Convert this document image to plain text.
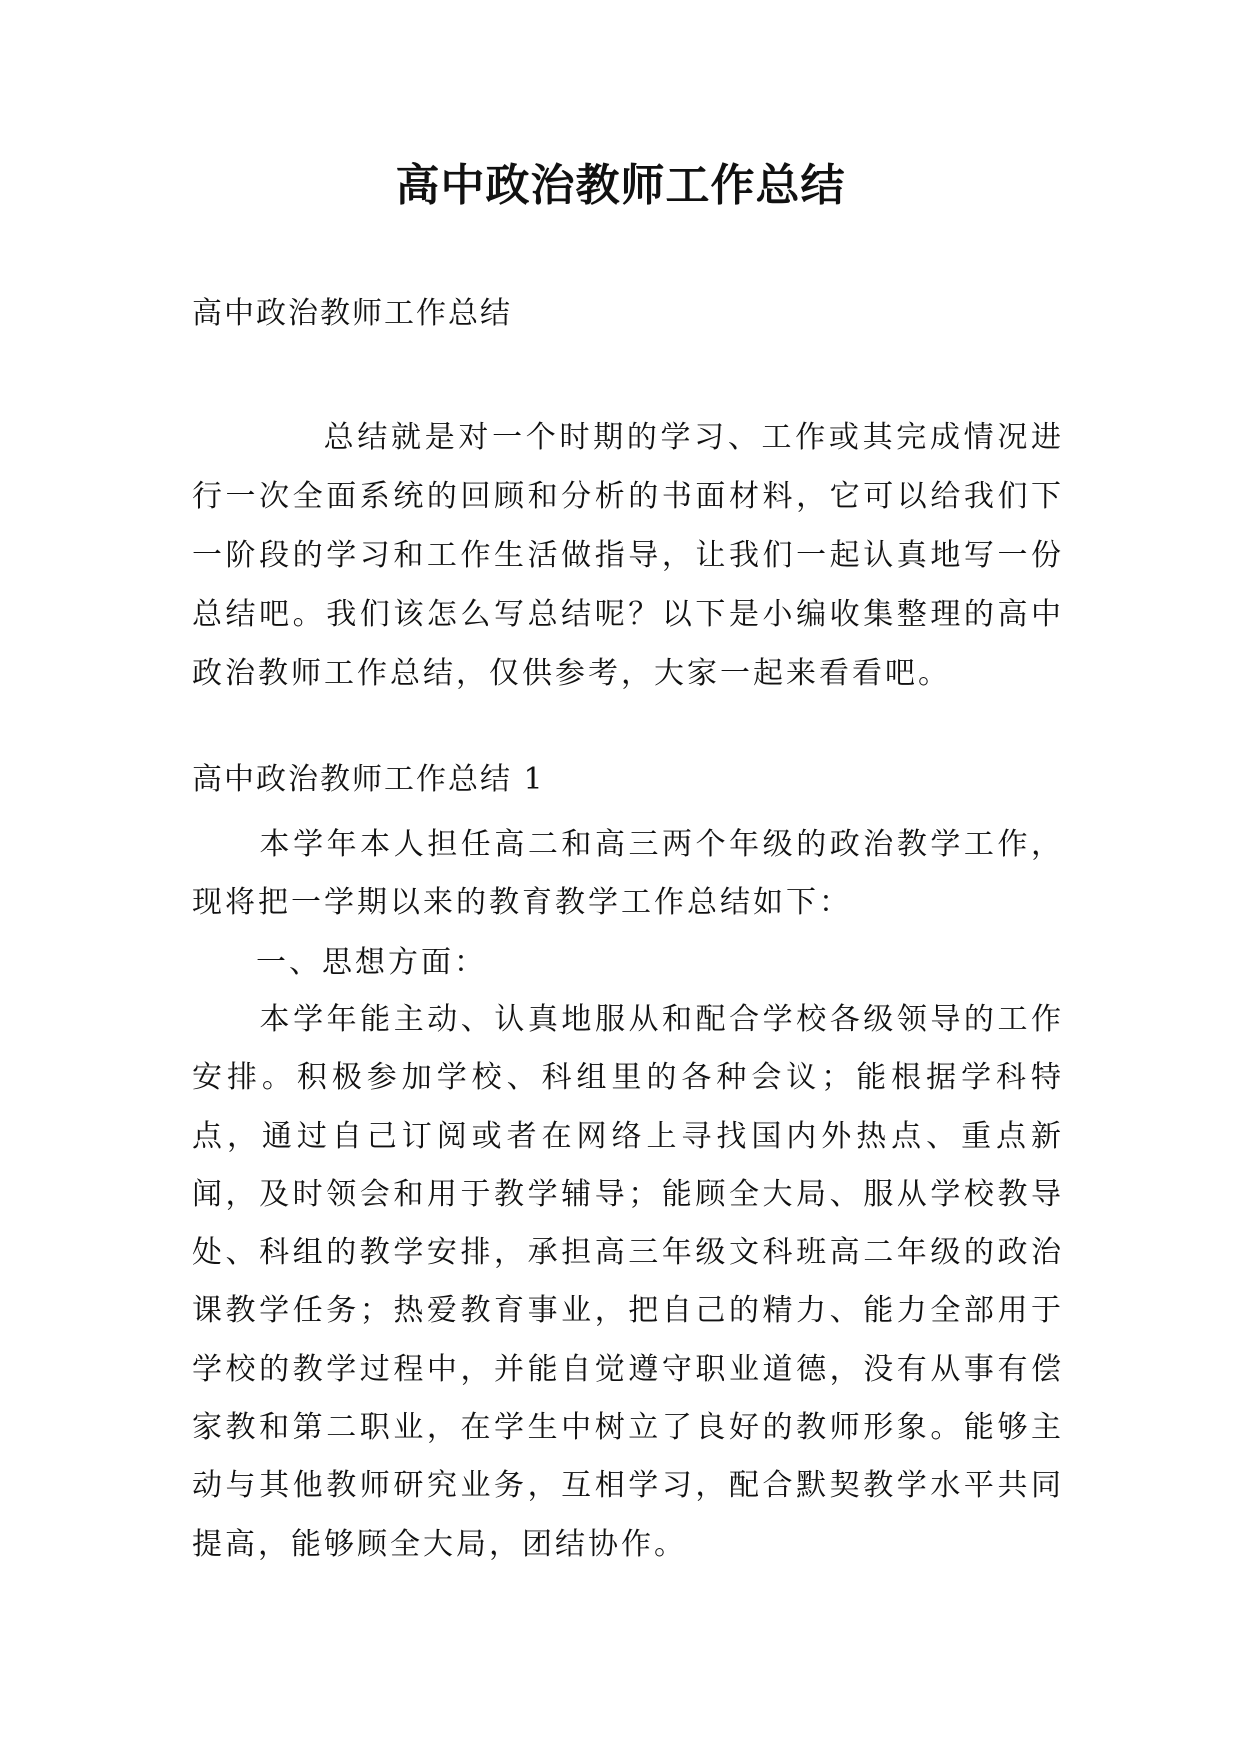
高中政治教师工作总结
高中政治教师工作总结
总结就是对一个时期的学习、工作或其完成情况进行一次全面系统的回顾和分析的书面材料，它可以给我们下一阶段的学习和工作生活做指导，让我们一起认真地写一份总结吧。我们该怎么写总结呢？以下是小编收集整理的高中政治教师工作总结，仅供参考，大家一起来看看吧。
高中政治教师工作总结 1
本学年本人担任高二和高三两个年级的政治教学工作，现将把一学期以来的教育教学工作总结如下：
一、思想方面：
本学年能主动、认真地服从和配合学校各级领导的工作安排。积极参加学校、科组里的各种会议；能根据学科特点，通过自己订阅或者在网络上寻找国内外热点、重点新闻，及时领会和用于教学辅导；能顾全大局、服从学校教导处、科组的教学安排，承担高三年级文科班高二年级的政治课教学任务；热爱教育事业，把自己的精力、能力全部用于学校的教学过程中，并能自觉遵守职业道德，没有从事有偿家教和第二职业，在学生中树立了良好的教师形象。能够主动与其他教师研究业务，互相学习，配合默契教学水平共同提高，能够顾全大局，团结协作。
